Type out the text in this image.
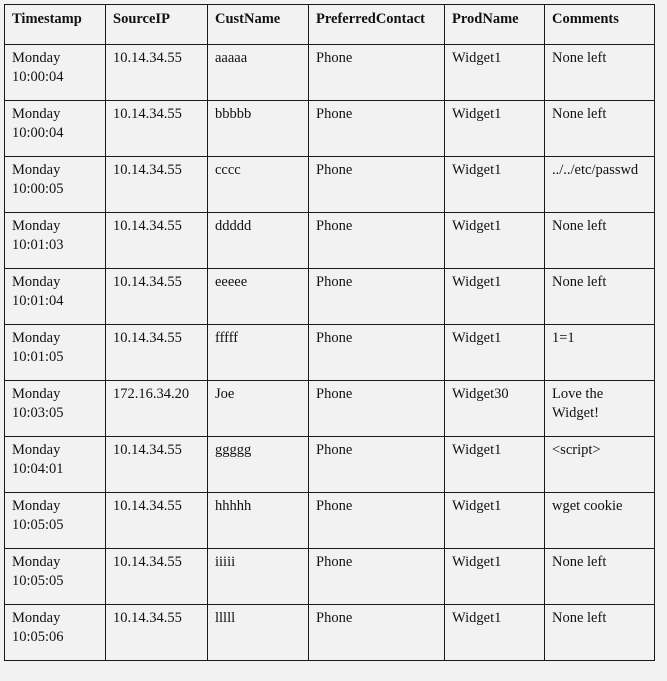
Timestamp	SourceIP	CustName	PreferredContact	ProdName	Comments

Monday 10:00:04	10.14.34.55	aaaaa	Phone	Widget1	None left

Monday 10:00:04	10.14.34.55	bbbbb	Phone	Widget1	None left

Monday 10:00:05	10.14.34.55	cccc	Phone	Widget1	../../etc/passwd

Monday 10:01:03	10.14.34.55	ddddd	Phone	Widget1	None left

Monday 10:01:04	10.14.34.55	eeeee	Phone	Widget1	None left

Monday 10:01:05	10.14.34.55	fffff	Phone	Widget1	1=1

Monday 10:03:05	172.16.34.20	Joe	Phone	Widget30	Love the Widget!

Monday 10:04:01	10.14.34.55	ggggg	Phone	Widget1	<script>

Monday 10:05:05	10.14.34.55	hhhhh	Phone	Widget1	wget cookie

Monday 10:05:05	10.14.34.55	iiiii	Phone	Widget1	None left

Monday 10:05:06	10.14.34.55	lllll	Phone	Widget1	None left
